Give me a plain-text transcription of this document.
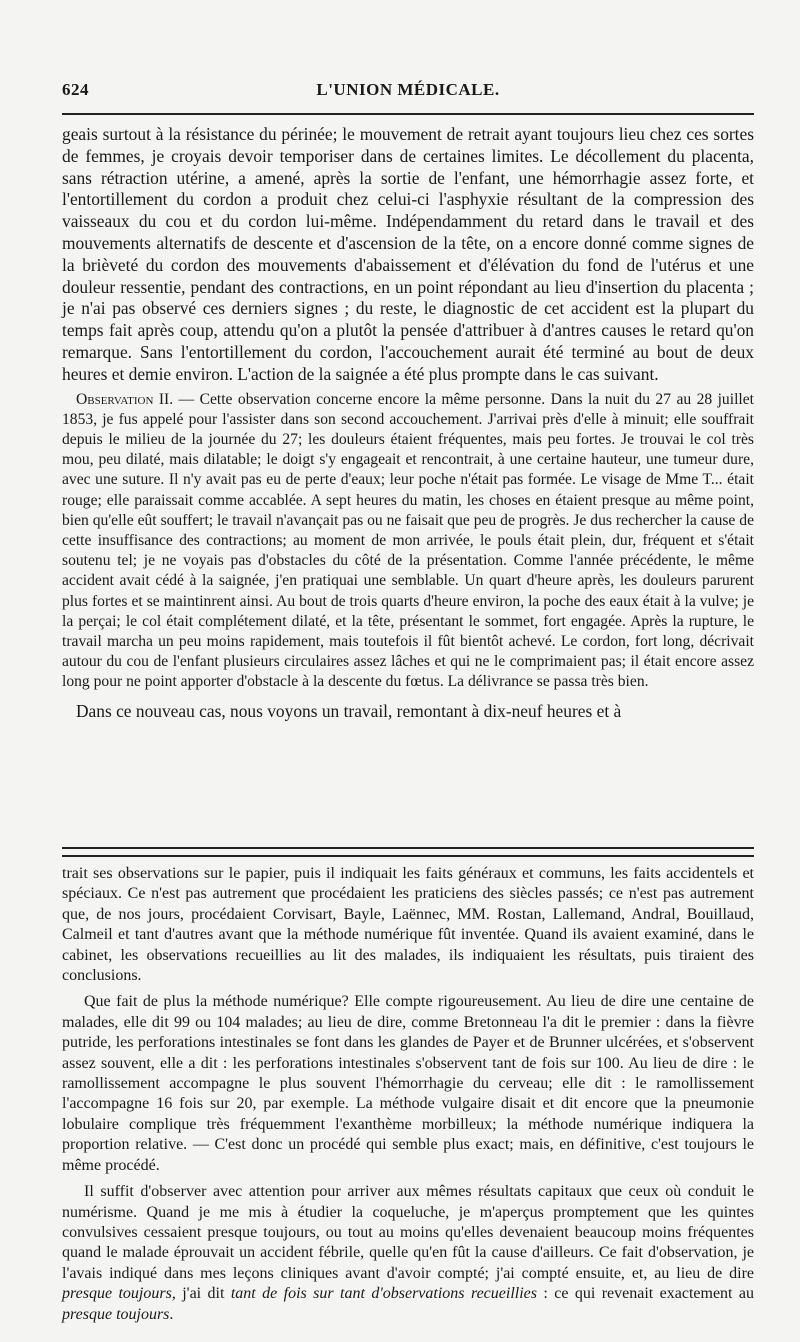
624	L'UNION MÉDICALE.

geais surtout à la résistance du périnée; le mouvement de retrait ayant toujours lieu chez ces sortes de femmes, je croyais devoir temporiser dans de certaines limites. Le décollement du placenta, sans rétraction utérine, a amené, après la sortie de l'enfant, une hémorrhagie assez forte, et l'entortillement du cordon a produit chez celui-ci l'asphyxie résultant de la compression des vaisseaux du cou et du cordon lui-même. Indépendamment du retard dans le travail et des mouvements alternatifs de descente et d'ascension de la tête, on a encore donné comme signes de la brièveté du cordon des mouvements d'abaissement et d'élévation du fond de l'utérus et une douleur ressentie, pendant des contractions, en un point répondant au lieu d'insertion du placenta ; je n'ai pas observé ces derniers signes ; du reste, le diagnostic de cet accident est la plupart du temps fait après coup, attendu qu'on a plutôt la pensée d'attribuer à d'antres causes le retard qu'on remarque. Sans l'entortillement du cordon, l'accouchement aurait été terminé au bout de deux heures et demie environ. L'action de la saignée a été plus prompte dans le cas suivant.

Observation II. — Cette observation concerne encore la même personne. Dans la nuit du 27 au 28 juillet 1853, je fus appelé pour l'assister dans son second accouchement. J'arrivai près d'elle à minuit; elle souffrait depuis le milieu de la journée du 27; les douleurs étaient fréquentes, mais peu fortes. Je trouvai le col très mou, peu dilaté, mais dilatable; le doigt s'y engageait et rencontrait, à une certaine hauteur, une tumeur dure, avec une suture. Il n'y avait pas eu de perte d'eaux; leur poche n'était pas formée. Le visage de Mme T... était rouge; elle paraissait comme accablée. A sept heures du matin, les choses en étaient presque au même point, bien qu'elle eût souffert; le travail n'avançait pas ou ne faisait que peu de progrès. Je dus rechercher la cause de cette insuffisance des contractions; au moment de mon arrivée, le pouls était plein, dur, fréquent et s'était soutenu tel; je ne voyais pas d'obstacles du côté de la présentation. Comme l'année précédente, le même accident avait cédé à la saignée, j'en pratiquai une semblable. Un quart d'heure après, les douleurs parurent plus fortes et se maintinrent ainsi. Au bout de trois quarts d'heure environ, la poche des eaux était à la vulve; je la perçai; le col était complétement dilaté, et la tête, présentant le sommet, fort engagée. Après la rupture, le travail marcha un peu moins rapidement, mais toutefois il fût bientôt achevé. Le cordon, fort long, décrivait autour du cou de l'enfant plusieurs circulaires assez lâches et qui ne le comprimaient pas; il était encore assez long pour ne point apporter d'obstacle à la descente du fœtus. La délivrance se passa très bien.

Dans ce nouveau cas, nous voyons un travail, remontant à dix-neuf heures et à

trait ses observations sur le papier, puis il indiquait les faits généraux et communs, les faits accidentels et spéciaux. Ce n'est pas autrement que procédaient les praticiens des siècles passés; ce n'est pas autrement que, de nos jours, procédaient Corvisart, Bayle, Laënnec, MM. Rostan, Lallemand, Andral, Bouillaud, Calmeil et tant d'autres avant que la méthode numérique fût inventée. Quand ils avaient examiné, dans le cabinet, les observations recueillies au lit des malades, ils indiquaient les résultats, puis tiraient des conclusions.

Que fait de plus la méthode numérique? Elle compte rigoureusement. Au lieu de dire une centaine de malades, elle dit 99 ou 104 malades; au lieu de dire, comme Bretonneau l'a dit le premier : dans la fièvre putride, les perforations intestinales se font dans les glandes de Payer et de Brunner ulcérées, et s'observent assez souvent, elle a dit : les perforations intestinales s'observent tant de fois sur 100. Au lieu de dire : le ramollissement accompagne le plus souvent l'hémorrhagie du cerveau; elle dit : le ramollissement l'accompagne 16 fois sur 20, par exemple. La méthode vulgaire disait et dit encore que la pneumonie lobulaire complique très fréquemment l'exanthème morbilleux; la méthode numérique indiquera la proportion relative. — C'est donc un procédé qui semble plus exact; mais, en définitive, c'est toujours le même procédé.

Il suffit d'observer avec attention pour arriver aux mêmes résultats capitaux que ceux où conduit le numérisme. Quand je me mis à étudier la coqueluche, je m'aperçus promptement que les quintes convulsives cessaient presque toujours, ou tout au moins qu'elles devenaient beaucoup moins fréquentes quand le malade éprouvait un accident fébrile, quelle qu'en fût la cause d'ailleurs. Ce fait d'observation, je l'avais indiqué dans mes leçons cliniques avant d'avoir compté; j'ai compté ensuite, et, au lieu de dire presque toujours, j'ai dit tant de fois sur tant d'observations recueillies : ce qui revenait exactement au presque toujours.
